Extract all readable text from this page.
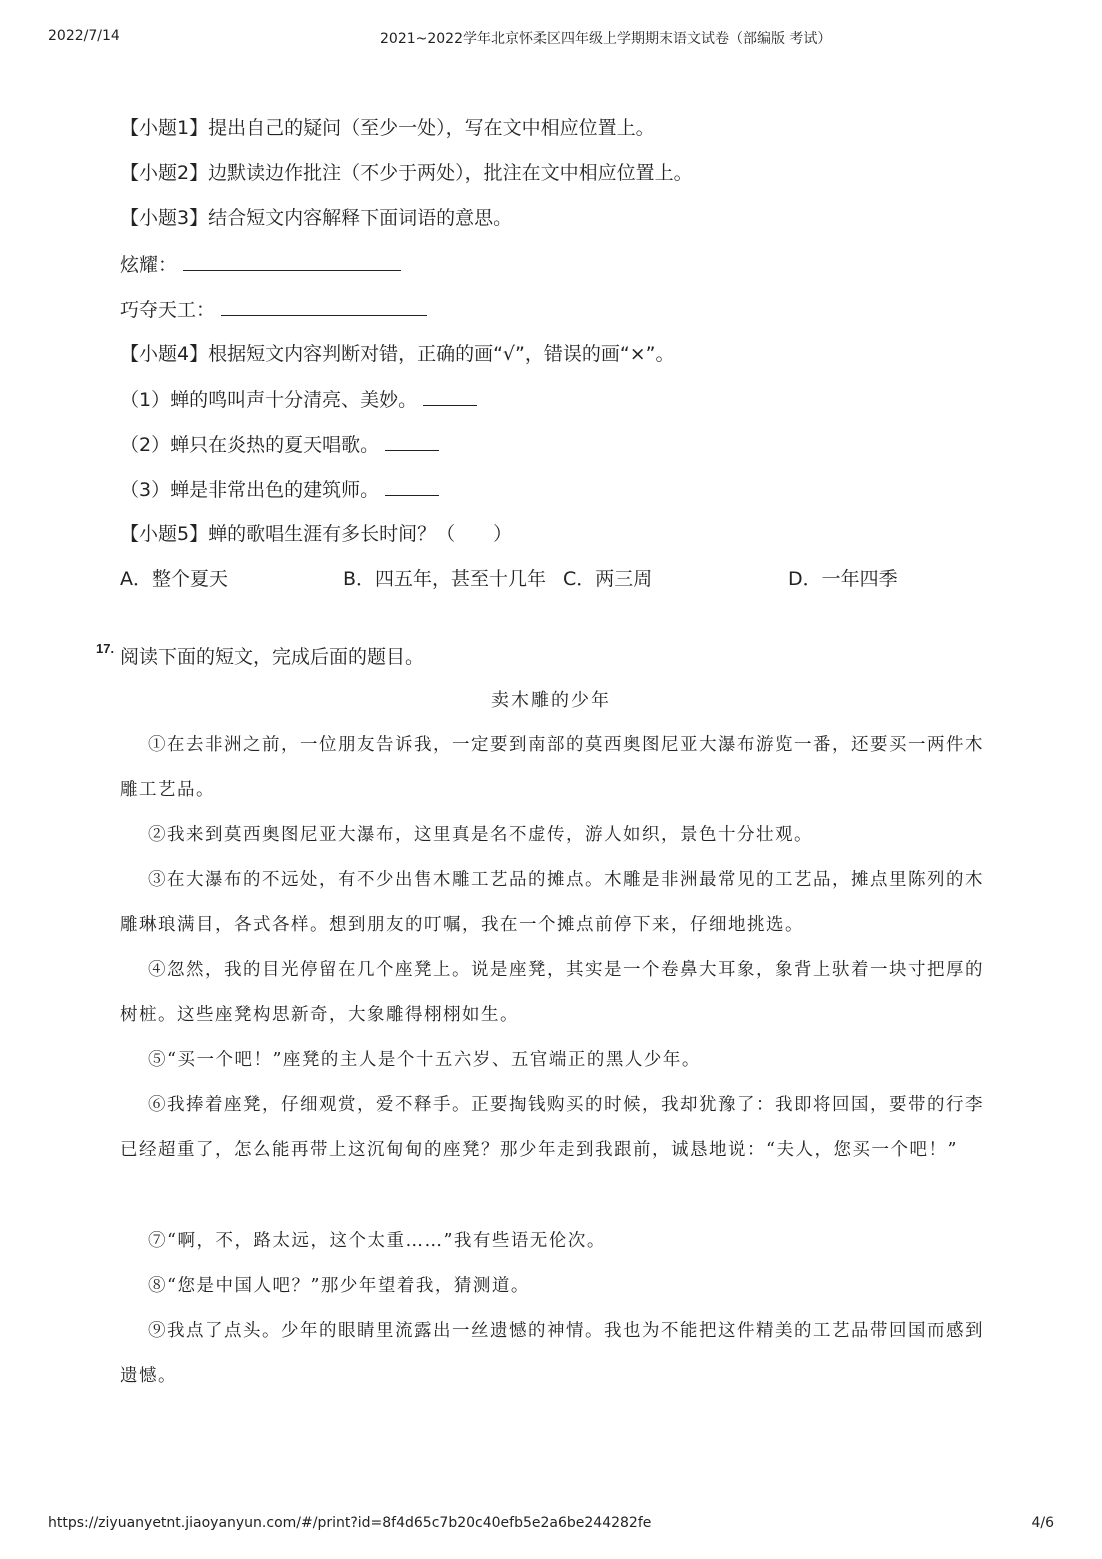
2022/7/14	2021~2022学年北京怀柔区四年级上学期期末语文试卷（部编版 考试）
【小题1】提出自己的疑问（至少一处），写在文中相应位置上。
【小题2】边默读边作批注（不少于两处），批注在文中相应位置上。
【小题3】结合短文内容解释下面词语的意思。
炫耀：
巧夺天工：
【小题4】根据短文内容判断对错，正确的画“√”，错误的画“×”。
（1）蝉的鸣叫声十分清亮、美妙。
（2）蝉只在炎热的夏天唱歌。
（3）蝉是非常出色的建筑师。
【小题5】蝉的歌唱生涯有多长时间？（　　）
A．整个夏天	B．四五年，甚至十几年 C．两三周	D．一年四季
17. 阅读下面的短文，完成后面的题目。
卖木雕的少年
①在去非洲之前，一位朋友告诉我，一定要到南部的莫西奥图尼亚大瀑布游览一番，还要买一两件木雕工艺品。
②我来到莫西奥图尼亚大瀑布，这里真是名不虚传，游人如织，景色十分壮观。
③在大瀑布的不远处，有不少出售木雕工艺品的摊点。木雕是非洲最常见的工艺品，摊点里陈列的木雕琳琅满目，各式各样。想到朋友的叮嘱，我在一个摊点前停下来，仔细地挑选。
④忽然，我的目光停留在几个座凳上。说是座凳，其实是一个卷鼻大耳象，象背上驮着一块寸把厚的树桩。这些座凳构思新奇，大象雕得栩栩如生。
⑤“买一个吧！”座凳的主人是个十五六岁、五官端正的黑人少年。
⑥我捧着座凳，仔细观赏，爱不释手。正要掏钱购买的时候，我却犹豫了：我即将回国，要带的行李已经超重了，怎么能再带上这沉甸甸的座凳？那少年走到我跟前，诚恳地说：“夫人，您买一个吧！”
⑦“啊，不，路太远，这个太重……”我有些语无伦次。
⑧“您是中国人吧？”那少年望着我，猜测道。
⑨我点了点头。少年的眼睛里流露出一丝遗憾的神情。我也为不能把这件精美的工艺品带回国而感到遗憾。
https://ziyuanyetnt.jiaoyanyun.com/#/print?id=8f4d65c7b20c40efb5e2a6be244282fe	4/6
